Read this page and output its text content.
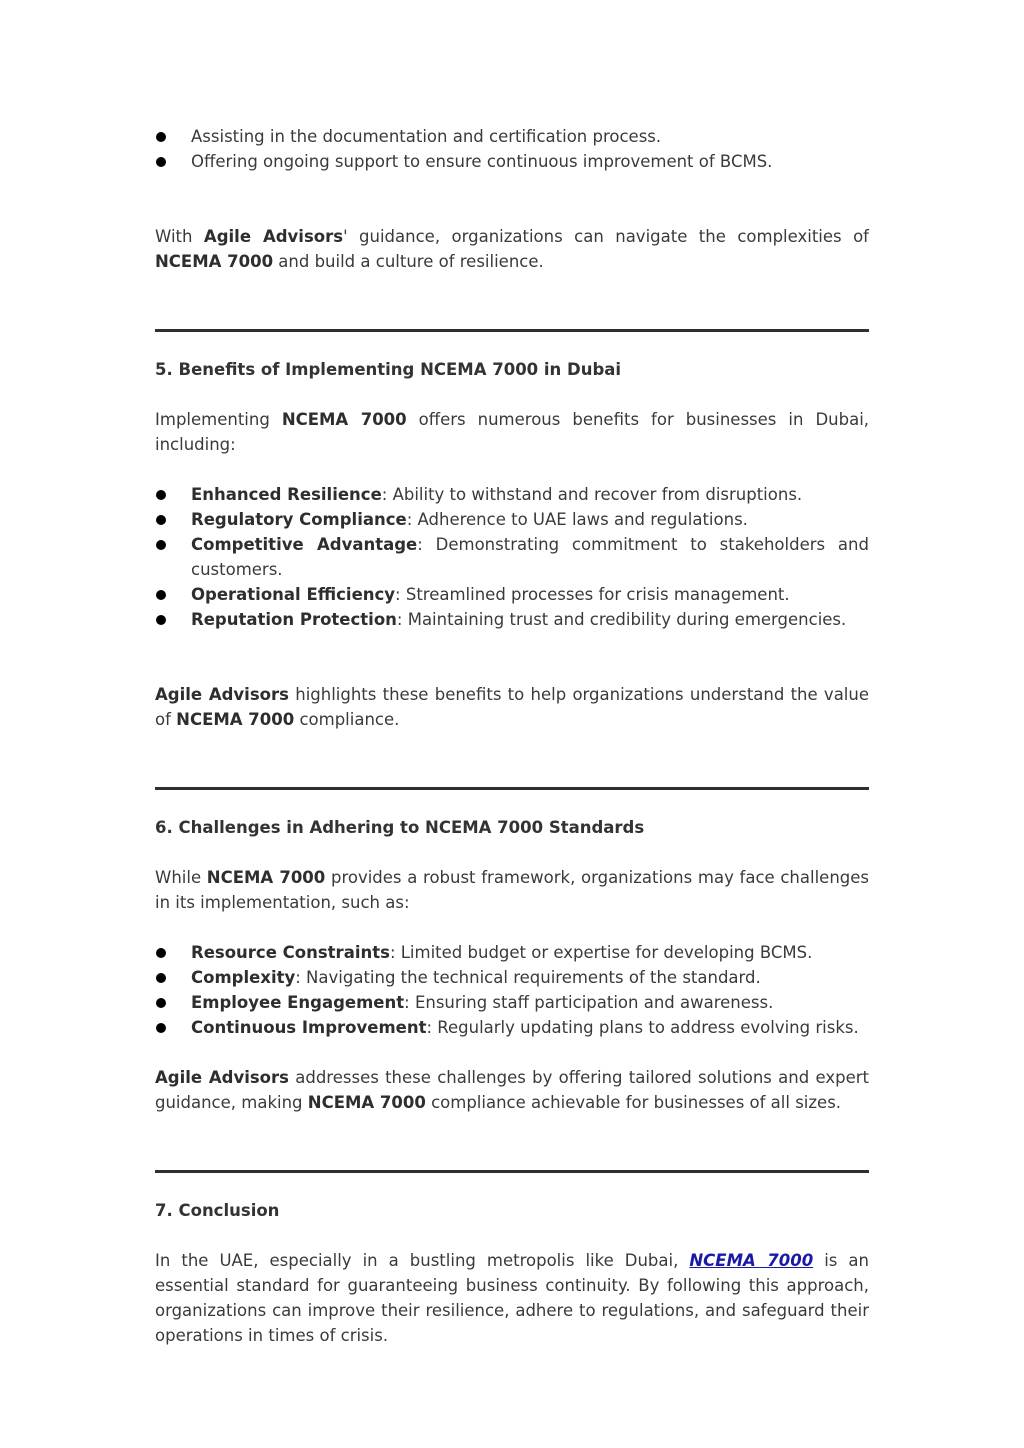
Assisting in the documentation and certification process.
Offering ongoing support to ensure continuous improvement of BCMS.

With Agile Advisors' guidance, organizations can navigate the complexities of NCEMA 7000 and build a culture of resilience.

5. Benefits of Implementing NCEMA 7000 in Dubai

Implementing NCEMA 7000 offers numerous benefits for businesses in Dubai, including:

Enhanced Resilience: Ability to withstand and recover from disruptions.
Regulatory Compliance: Adherence to UAE laws and regulations.
Competitive Advantage: Demonstrating commitment to stakeholders and customers.
Operational Efficiency: Streamlined processes for crisis management.
Reputation Protection: Maintaining trust and credibility during emergencies.

Agile Advisors highlights these benefits to help organizations understand the value of NCEMA 7000 compliance.

6. Challenges in Adhering to NCEMA 7000 Standards

While NCEMA 7000 provides a robust framework, organizations may face challenges in its implementation, such as:

Resource Constraints: Limited budget or expertise for developing BCMS.
Complexity: Navigating the technical requirements of the standard.
Employee Engagement: Ensuring staff participation and awareness.
Continuous Improvement: Regularly updating plans to address evolving risks.

Agile Advisors addresses these challenges by offering tailored solutions and expert guidance, making NCEMA 7000 compliance achievable for businesses of all sizes.

7. Conclusion

In the UAE, especially in a bustling metropolis like Dubai, NCEMA 7000 is an essential standard for guaranteeing business continuity. By following this approach, organizations can improve their resilience, adhere to regulations, and safeguard their operations in times of crisis.
